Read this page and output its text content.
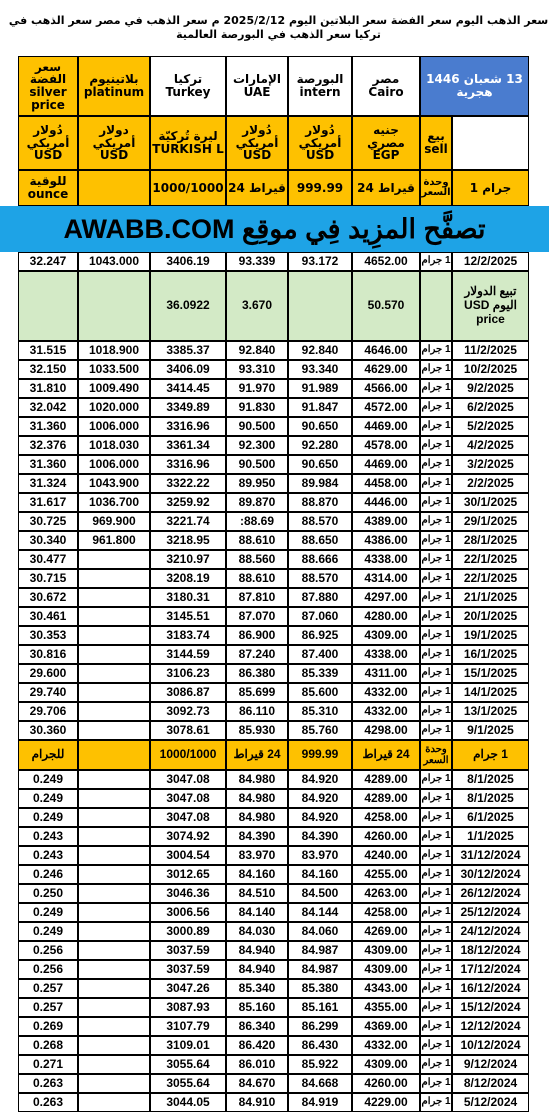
سعر الذهب اليوم سعر الفضة سعر البلاتين اليوم 2025/2/12 م سعر الذهب في مصر سعر الذهب في تركيا سعر الذهب في البورصة العالمية
13 شعبان 1446 هجرية
مصر Cairo
البورصة intern
الإمارات UAE
تركيا Turkey
بلاتينيوم platinum
سعر الفضة silver price
بيع sell
جنيه مصري EGP
دُولار أمريكي USD
دُولار أمريكي USD
ليرة تُركيّة TURKISH L
دولار أمريكي USD
دُولار أمريكي USD
1 جرام
وحدة السعر
24 قيراط
999.99
24 قيراط
1000/1000
للوقية ounce
تصفَّح المزِيد فِي موقِع AWABB.COM
12/2/2025
1 جرام
4652.00
93.172
93.339
3406.19
1043.000
32.247
تبيع الدولار اليوم USD price
50.570
3.670
36.0922
11/2/2025
1 جرام
4646.00
92.840
92.840
3385.37
1018.900
31.515
10/2/2025
1 جرام
4629.00
93.340
93.310
3406.09
1033.500
32.150
9/2/2025
1 جرام
4566.00
91.989
91.970
3414.45
1009.490
31.810
6/2/2025
1 جرام
4572.00
91.847
91.830
3349.89
1020.000
32.042
5/2/2025
1 جرام
4469.00
90.650
90.500
3316.96
1006.000
31.360
4/2/2025
1 جرام
4578.00
92.280
92.300
3361.34
1018.030
32.376
3/2/2025
1 جرام
4469.00
90.650
90.500
3316.96
1006.000
31.360
2/2/2025
1 جرام
4458.00
89.984
89.950
3322.22
1043.900
31.324
30/1/2025
1 جرام
4446.00
88.870
89.870
3259.92
1036.700
31.617
29/1/2025
1 جرام
4389.00
88.570
88.69:
3221.74
969.900
30.725
28/1/2025
1 جرام
4386.00
88.650
88.610
3218.95
961.800
30.340
22/1/2025
1 جرام
4338.00
88.666
88.560
3210.97
30.477
22/1/2025
1 جرام
4314.00
88.570
88.610
3208.19
30.715
21/1/2025
1 جرام
4297.00
87.880
87.810
3180.31
30.672
20/1/2025
1 جرام
4280.00
87.060
87.070
3145.51
30.461
19/1/2025
1 جرام
4309.00
86.925
86.900
3183.74
30.353
16/1/2025
1 جرام
4338.00
87.400
87.240
3144.59
30.816
15/1/2025
1 جرام
4311.00
85.339
86.380
3106.23
29.600
14/1/2025
1 جرام
4332.00
85.600
85.699
3086.87
29.740
13/1/2025
1 جرام
4332.00
85.310
86.110
3092.73
29.706
9/1/2025
1 جرام
4298.00
85.760
85.930
3078.61
30.360
1 جرام
وحدة السعر
24 قيراط
999.99
24 قيراط
1000/1000
للجرام
8/1/2025
1 جرام
4289.00
84.920
84.980
3047.08
0.249
8/1/2025
1 جرام
4289.00
84.920
84.980
3047.08
0.249
6/1/2025
1 جرام
4258.00
84.920
84.980
3047.08
0.249
1/1/2025
1 جرام
4260.00
84.390
84.390
3074.92
0.243
31/12/2024
1 جرام
4240.00
83.970
83.970
3004.54
0.243
30/12/2024
1 جرام
4255.00
84.160
84.160
3012.65
0.246
26/12/2024
1 جرام
4263.00
84.500
84.510
3046.36
0.250
25/12/2024
1 جرام
4258.00
84.144
84.140
3006.56
0.249
24/12/2024
1 جرام
4269.00
84.060
84.030
3000.89
0.249
18/12/2024
1 جرام
4309.00
84.987
84.940
3037.59
0.256
17/12/2024
1 جرام
4309.00
84.987
84.940
3037.59
0.256
16/12/2024
1 جرام
4343.00
85.380
85.340
3047.26
0.257
15/12/2024
1 جرام
4355.00
85.161
85.160
3087.93
0.257
12/12/2024
1 جرام
4369.00
86.299
86.340
3107.79
0.269
10/12/2024
1 جرام
4332.00
86.430
86.420
3109.01
0.268
9/12/2024
1 جرام
4309.00
85.922
86.010
3055.64
0.271
8/12/2024
1 جرام
4260.00
84.668
84.670
3055.64
0.263
5/12/2024
1 جرام
4229.00
84.919
84.910
3044.05
0.263
